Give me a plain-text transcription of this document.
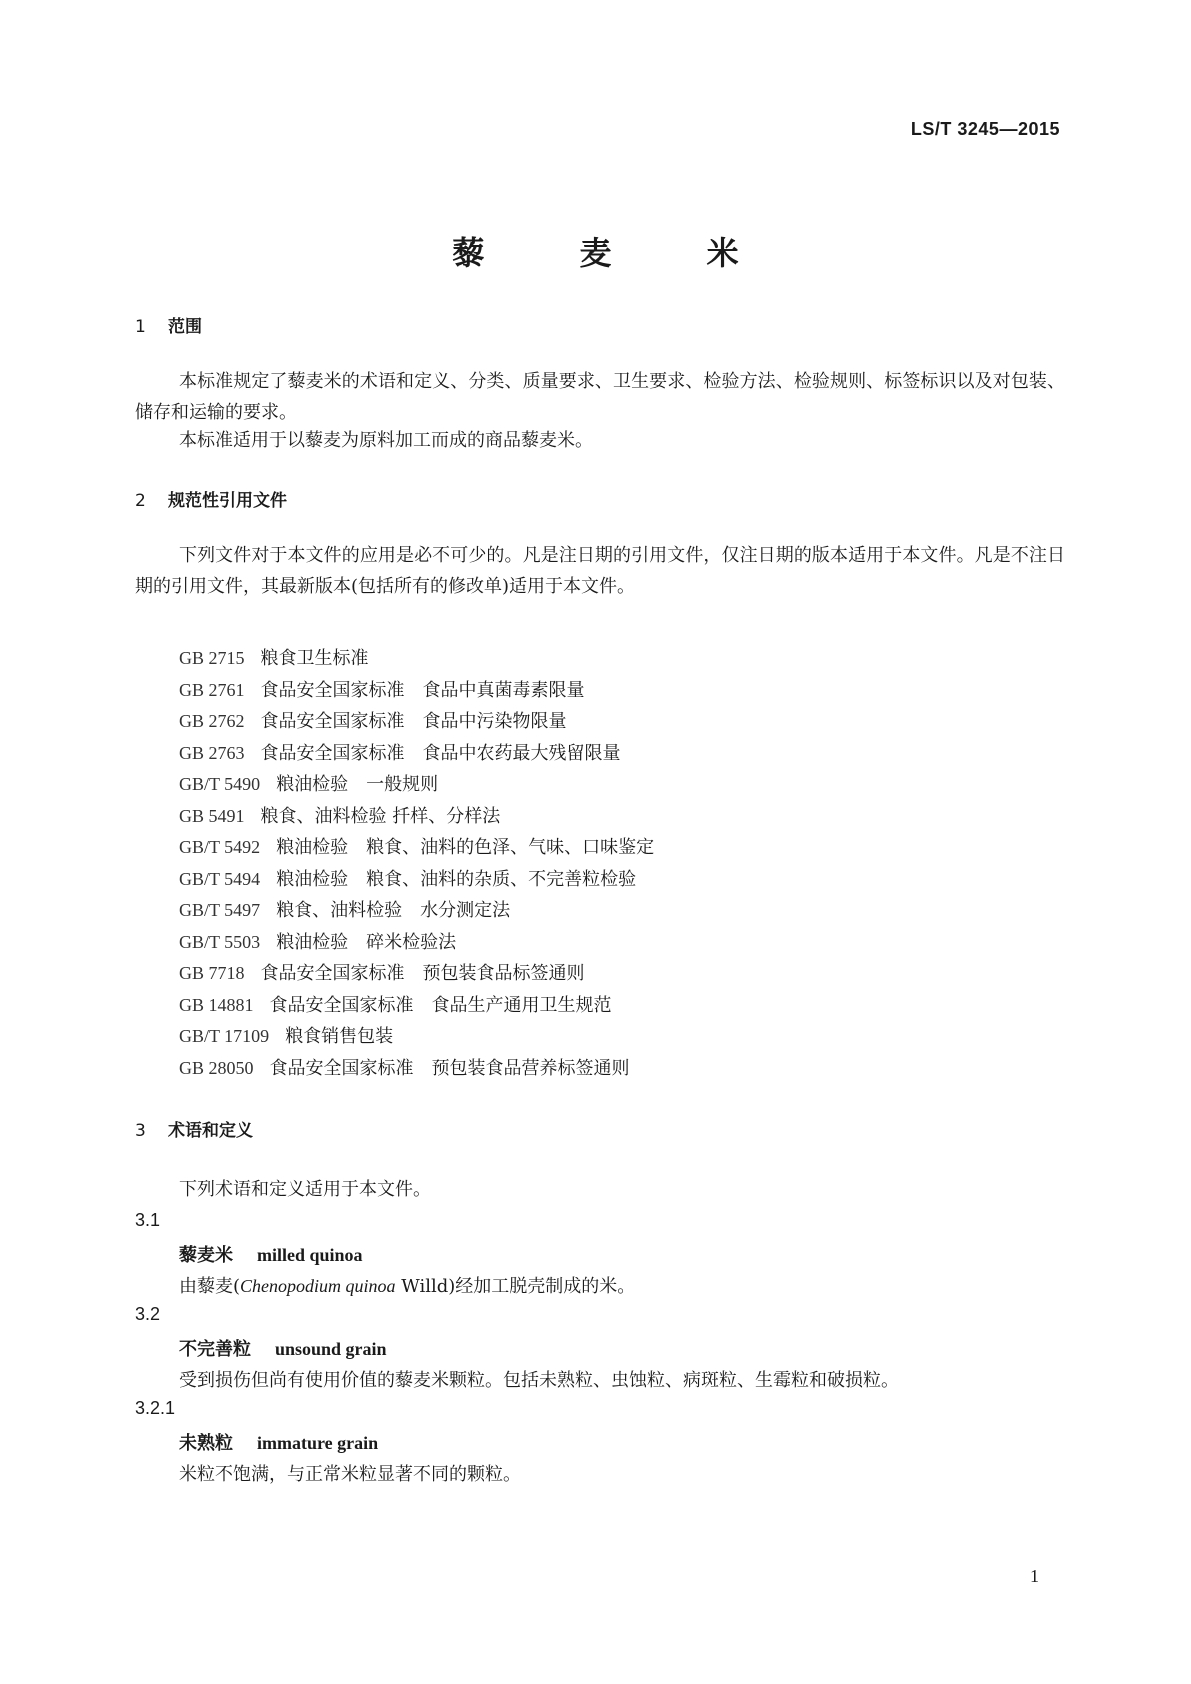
LS/T 3245—2015
藜 麦 米
1 范围
本标准规定了藜麦米的术语和定义、分类、质量要求、卫生要求、检验方法、检验规则、标签标识以及对包装、储存和运输的要求。
本标准适用于以藜麦为原料加工而成的商品藜麦米。
2 规范性引用文件
下列文件对于本文件的应用是必不可少的。凡是注日期的引用文件，仅注日期的版本适用于本文件。凡是不注日期的引用文件，其最新版本(包括所有的修改单)适用于本文件。
GB 2715 粮食卫生标准
GB 2761 食品安全国家标准　食品中真菌毒素限量
GB 2762 食品安全国家标准　食品中污染物限量
GB 2763 食品安全国家标准　食品中农药最大残留限量
GB/T 5490 粮油检验　一般规则
GB 5491 粮食、油料检验 扦样、分样法
GB/T 5492 粮油检验　粮食、油料的色泽、气味、口味鉴定
GB/T 5494 粮油检验　粮食、油料的杂质、不完善粒检验
GB/T 5497 粮食、油料检验　水分测定法
GB/T 5503 粮油检验　碎米检验法
GB 7718 食品安全国家标准　预包装食品标签通则
GB 14881 食品安全国家标准　食品生产通用卫生规范
GB/T 17109 粮食销售包装
GB 28050 食品安全国家标准　预包装食品营养标签通则
3 术语和定义
下列术语和定义适用于本文件。
3.1
藜麦米 milled quinoa
由藜麦(Chenopodium quinoa Willd)经加工脱壳制成的米。
3.2
不完善粒 unsound grain
受到损伤但尚有使用价值的藜麦米颗粒。包括未熟粒、虫蚀粒、病斑粒、生霉粒和破损粒。
3.2.1
未熟粒 immature grain
米粒不饱满，与正常米粒显著不同的颗粒。
1
